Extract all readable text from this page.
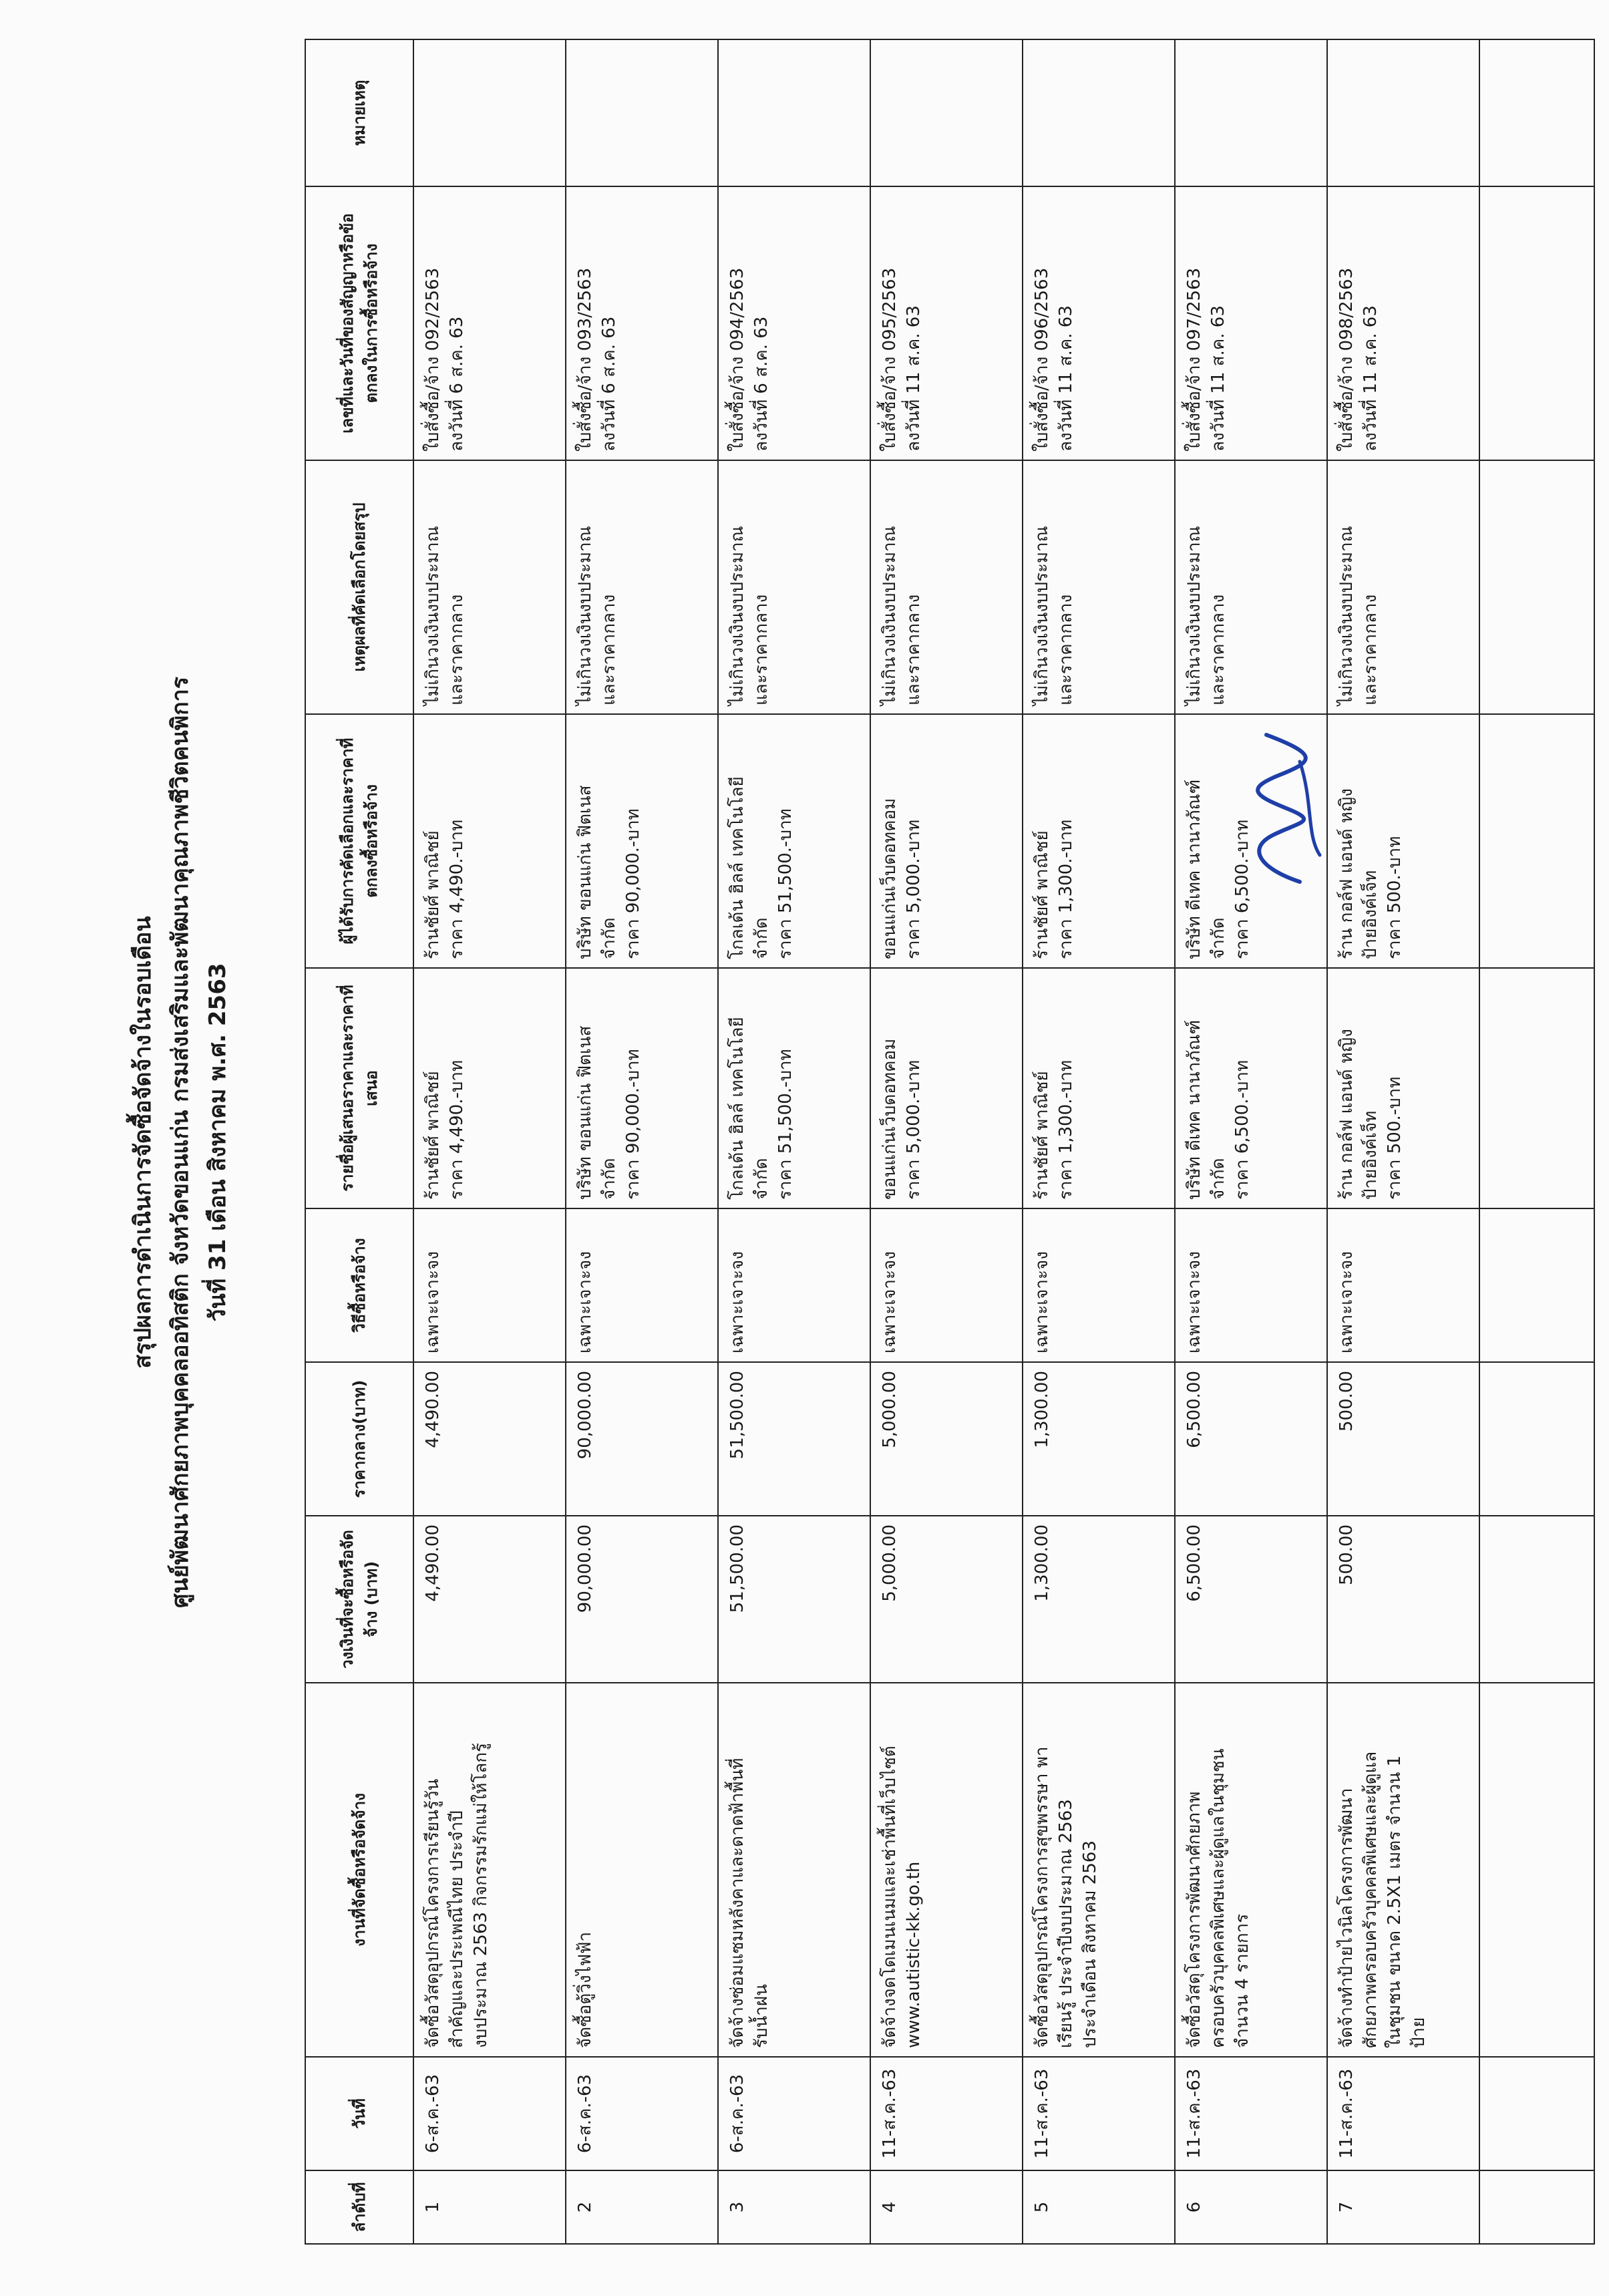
สรุปผลการดำเนินการจัดซื้อจัดจ้างในรอบเดือน ศูนย์พัฒนาศักยภาพบุคคลออทิสติก จังหวัดขอนแก่น กรมส่งเสริมและพัฒนาคุณภาพชีวิตคนพิการ วันที่ 31 เดือน สิงหาคม พ.ศ. 2563
ลำดับที่	วันที่	งานที่จัดซื้อหรือจัดจ้าง	วงเงินที่จะซื้อหรือจัดจ้าง (บาท)	ราคากลาง(บาท)	วิธีซื้อหรือจ้าง	รายชื่อผู้เสนอราคาและราคาที่เสนอ	ผู้ได้รับการคัดเลือกและราคาที่ตกลงซื้อหรือจ้าง	เหตุผลที่คัดเลือกโดยสรุป	เลขที่และวันที่ของสัญญาหรือข้อตกลงในการซื้อหรือจ้าง	หมายเหตุ
1	6-ส.ค.-63	จัดซื้อวัสดุอุปกรณ์โครงการเรียนรู้วัน สำคัญและประเพณีไทย ประจำปี งบประมาณ 2563 กิจกรรมรักแม่ให้โลกรู้	4,490.00	4,490.00	เฉพาะเจาะจง	ร้านชัยศ์ พาณิชย์ ราคา 4,490.-บาท	ร้านชัยศ์ พาณิชย์ ราคา 4,490.-บาท	ไม่เกินวงเงินงบประมาณ และราคากลาง	ใบสั่งซื้อ/จ้าง 092/2563 ลงวันที่ 6 ส.ค. 63	

2	6-ส.ค.-63	จัดซื้อตู้วิ่งไฟฟ้า	90,000.00	90,000.00	เฉพาะเจาะจง	บริษัท ขอนแก่น ฟิตเนส จำกัด ราคา 90,000.-บาท	บริษัท ขอนแก่น ฟิตเนส จำกัด ราคา 90,000.-บาท	ไม่เกินวงเงินงบประมาณ และราคากลาง	ใบสั่งซื้อ/จ้าง 093/2563 ลงวันที่ 6 ส.ค. 63	

3	6-ส.ค.-63	จัดจ้างซ่อมแซมหลังคาและดาดฟ้าพื้นที่ รับน้ำฝน	51,500.00	51,500.00	เฉพาะเจาะจง	โกลเด้น ฮิลล์ เทคโนโลยี จำกัด ราคา 51,500.-บาท	โกลเด้น ฮิลล์ เทคโนโลยี จำกัด ราคา 51,500.-บาท	ไม่เกินวงเงินงบประมาณ และราคากลาง	ใบสั่งซื้อ/จ้าง 094/2563 ลงวันที่ 6 ส.ค. 63	

4	11-ส.ค.-63	จัดจ้างจดโดเมนเนมและเช่าพื้นที่เว็บไซต์ www.autistic-kk.go.th	5,000.00	5,000.00	เฉพาะเจาะจง	ขอนแก่นเว็บดอทคอม ราคา 5,000.-บาท	ขอนแก่นเว็บดอทคอม ราคา 5,000.-บาท	ไม่เกินวงเงินงบประมาณ และราคากลาง	ใบสั่งซื้อ/จ้าง 095/2563 ลงวันที่ 11 ส.ค. 63	

5	11-ส.ค.-63	จัดซื้อวัสดุอุปกรณ์โครงการสุขพรรษา พา เรียนรู้ ประจำปีงบประมาณ 2563 ประจำเดือน สิงหาคม 2563	1,300.00	1,300.00	เฉพาะเจาะจง	ร้านชัยศ์ พาณิชย์ ราคา 1,300.-บาท	ร้านชัยศ์ พาณิชย์ ราคา 1,300.-บาท	ไม่เกินวงเงินงบประมาณ และราคากลาง	ใบสั่งซื้อ/จ้าง 096/2563 ลงวันที่ 11 ส.ค. 63	

6	11-ส.ค.-63	จัดซื้อวัสดุโครงการพัฒนาศักยภาพ ครอบครัวบุคคลพิเศษและผู้ดูแลในชุมชน จำนวน 4 รายการ	6,500.00	6,500.00	เฉพาะเจาะจง	บริษัท ดีเทค นานาภัณฑ์ จำกัด ราคา 6,500.-บาท	บริษัท ดีเทค นานาภัณฑ์ จำกัด ราคา 6,500.-บาท	ไม่เกินวงเงินงบประมาณ และราคากลาง	ใบสั่งซื้อ/จ้าง 097/2563 ลงวันที่ 11 ส.ค. 63	

7	11-ส.ค.-63	จัดจ้างทำป้ายไวนิลโครงการพัฒนา ศักยภาพครอบครัวบุคคลพิเศษและผู้ดูแล ในชุมชน ขนาด 2.5X1 เมตร จำนวน 1 ป้าย	500.00	500.00	เฉพาะเจาะจง	ร้าน กอล์ฟ แอนด์ หญิง ป้ายอิงค์เจ็ท ราคา 500.-บาท	ร้าน กอล์ฟ แอนด์ หญิง ป้ายอิงค์เจ็ท ราคา 500.-บาท	ไม่เกินวงเงินงบประมาณ และราคากลาง	ใบสั่งซื้อ/จ้าง 098/2563 ลงวันที่ 11 ส.ค. 63	
